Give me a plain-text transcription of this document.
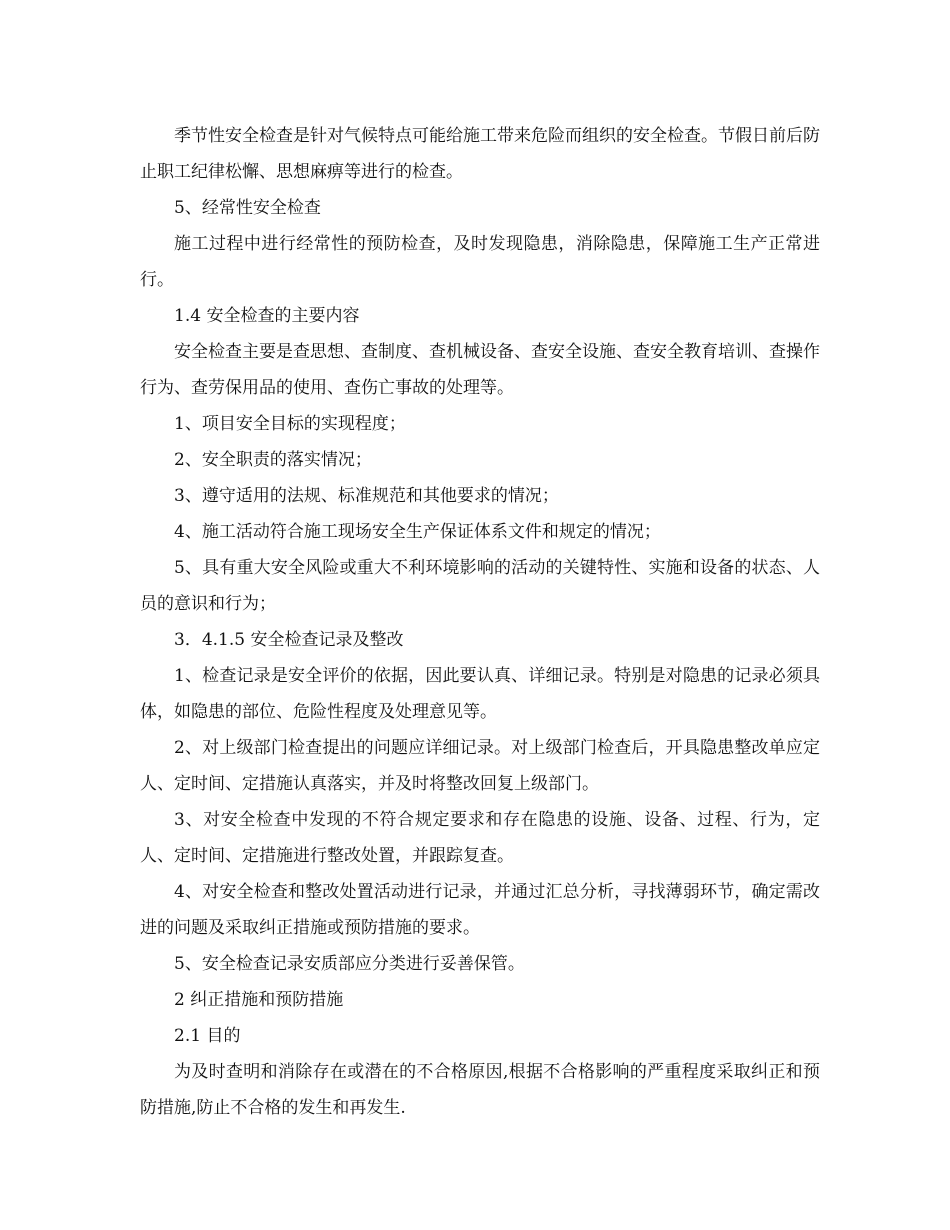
季节性安全检查是针对气候特点可能给施工带来危险而组织的安全检查。节假日前后防止职工纪律松懈、思想麻痹等进行的检查。

5、经常性安全检查

施工过程中进行经常性的预防检查，及时发现隐患，消除隐患，保障施工生产正常进行。

1.4 安全检查的主要内容

安全检查主要是查思想、查制度、查机械设备、查安全设施、查安全教育培训、查操作行为、查劳保用品的使用、查伤亡事故的处理等。

1、项目安全目标的实现程度；

2、安全职责的落实情况；

3、遵守适用的法规、标准规范和其他要求的情况；

4、施工活动符合施工现场安全生产保证体系文件和规定的情况；

5、具有重大安全风险或重大不利环境影响的活动的关键特性、实施和设备的状态、人员的意识和行为；

3．4.1.5 安全检查记录及整改

1、检查记录是安全评价的依据，因此要认真、详细记录。特别是对隐患的记录必须具体，如隐患的部位、危险性程度及处理意见等。

2、对上级部门检查提出的问题应详细记录。对上级部门检查后，开具隐患整改单应定人、定时间、定措施认真落实，并及时将整改回复上级部门。

3、对安全检查中发现的不符合规定要求和存在隐患的设施、设备、过程、行为，定人、定时间、定措施进行整改处置，并跟踪复查。

4、对安全检查和整改处置活动进行记录，并通过汇总分析，寻找薄弱环节，确定需改进的问题及采取纠正措施或预防措施的要求。

5、安全检查记录安质部应分类进行妥善保管。

2 纠正措施和预防措施

2.1 目的

为及时查明和消除存在或潜在的不合格原因,根据不合格影响的严重程度采取纠正和预防措施,防止不合格的发生和再发生.
